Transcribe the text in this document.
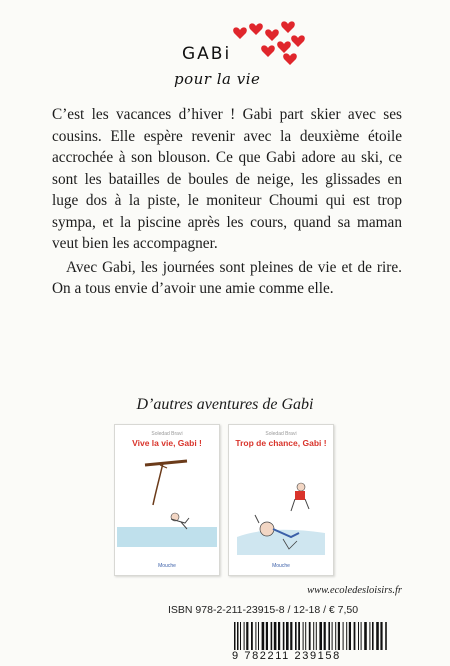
GABi
pour la vie

C’est les vacances d’hiver ! Gabi part skier avec ses cousins. Elle espère revenir avec la deuxième étoile accrochée à son blouson. Ce que Gabi adore au ski, ce sont les batailles de boules de neige, les glissades en luge dos à la piste, le moniteur Choumi qui est trop sympa, et la piscine après les cours, quand sa maman veut bien les accompagner.

Avec Gabi, les journées sont pleines de vie et de rire. On a tous envie d’avoir une amie comme elle.

D’autres aventures de Gabi
Soledad Bravi
Vive la vie, Gabi !
Mouche
Soledad Bravi
Trop de chance, Gabi !
Mouche
www.ecoledesloisirs.fr
ISBN 978-2-211-23915-8 / 12-18 / € 7,50
9 782211 239158
